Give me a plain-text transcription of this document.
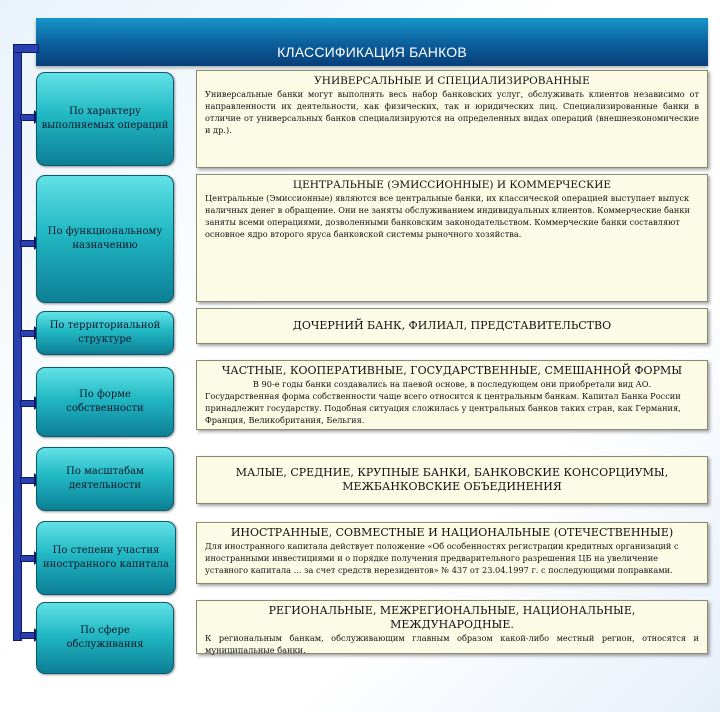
КЛАССИФИКАЦИЯ БАНКОВ
По характеру выполняемых операций
По функциональному назначению
По территориальной структуре
По форме собственности
По масштабам деятельности
По степени участия иностранного капитала
По сфере обслуживания
УНИВЕРСАЛЬНЫЕ И СПЕЦИАЛИЗИРОВАННЫЕ
Универсальные банки могут выполнять весь набор банковских услуг, обслуживать клиентов независимо от направленности их деятельности, как физических, так и юридических лиц. Специализированные банки в отличие от универсальных банков специализируются на определенных видах операций (внешнеэкономические и др.).
ЦЕНТРАЛЬНЫЕ (ЭМИССИОННЫЕ) И КОММЕРЧЕСКИЕ
Центральные (Эмиссионные) являются все центральные банки, их классической операцией выступает выпуск наличных денег в обращение. Они не заняты обслуживанием индивидуальных клиентов. Коммерческие банки заняты всеми операциями, дозволенными банковским законодательством. Коммерческие банки составляют основное ядро второго яруса банковской системы рыночного хозяйства.
ДОЧЕРНИЙ БАНК, ФИЛИАЛ, ПРЕДСТАВИТЕЛЬСТВО
ЧАСТНЫЕ, КООПЕРАТИВНЫЕ, ГОСУДАРСТВЕННЫЕ, СМЕШАННОЙ ФОРМЫ
В 90-е годы банки создавались на паевой основе, в последующем они приобретали вид АО.
Государственная форма собственности чаще всего относится к центральным банкам. Капитал Банка России принадлежит государству. Подобная ситуация сложилась у центральных банков таких стран, как Германия, Франция, Великобритания, Бельгия.
МАЛЫЕ, СРЕДНИЕ, КРУПНЫЕ БАНКИ, БАНКОВСКИЕ КОНСОРЦИУМЫ, МЕЖБАНКОВСКИЕ ОБЪЕДИНЕНИЯ
ИНОСТРАННЫЕ, СОВМЕСТНЫЕ И НАЦИОНАЛЬНЫЕ (ОТЕЧЕСТВЕННЫЕ)
Для иностранного капитала действует положение «Об особенностях регистрации кредитных организаций с иностранными инвестициями и о порядке получения предварительного разрешения ЦБ на увеличение уставного капитала ... за счет средств нерезидентов» № 437 от 23.04.1997 г. с последующими поправками.
РЕГИОНАЛЬНЫЕ, МЕЖРЕГИОНАЛЬНЫЕ, НАЦИОНАЛЬНЫЕ, МЕЖДУНАРОДНЫЕ.
К региональным банкам, обслуживающим главным образом какой-либо местный регион, относятся и муниципальные банки.
